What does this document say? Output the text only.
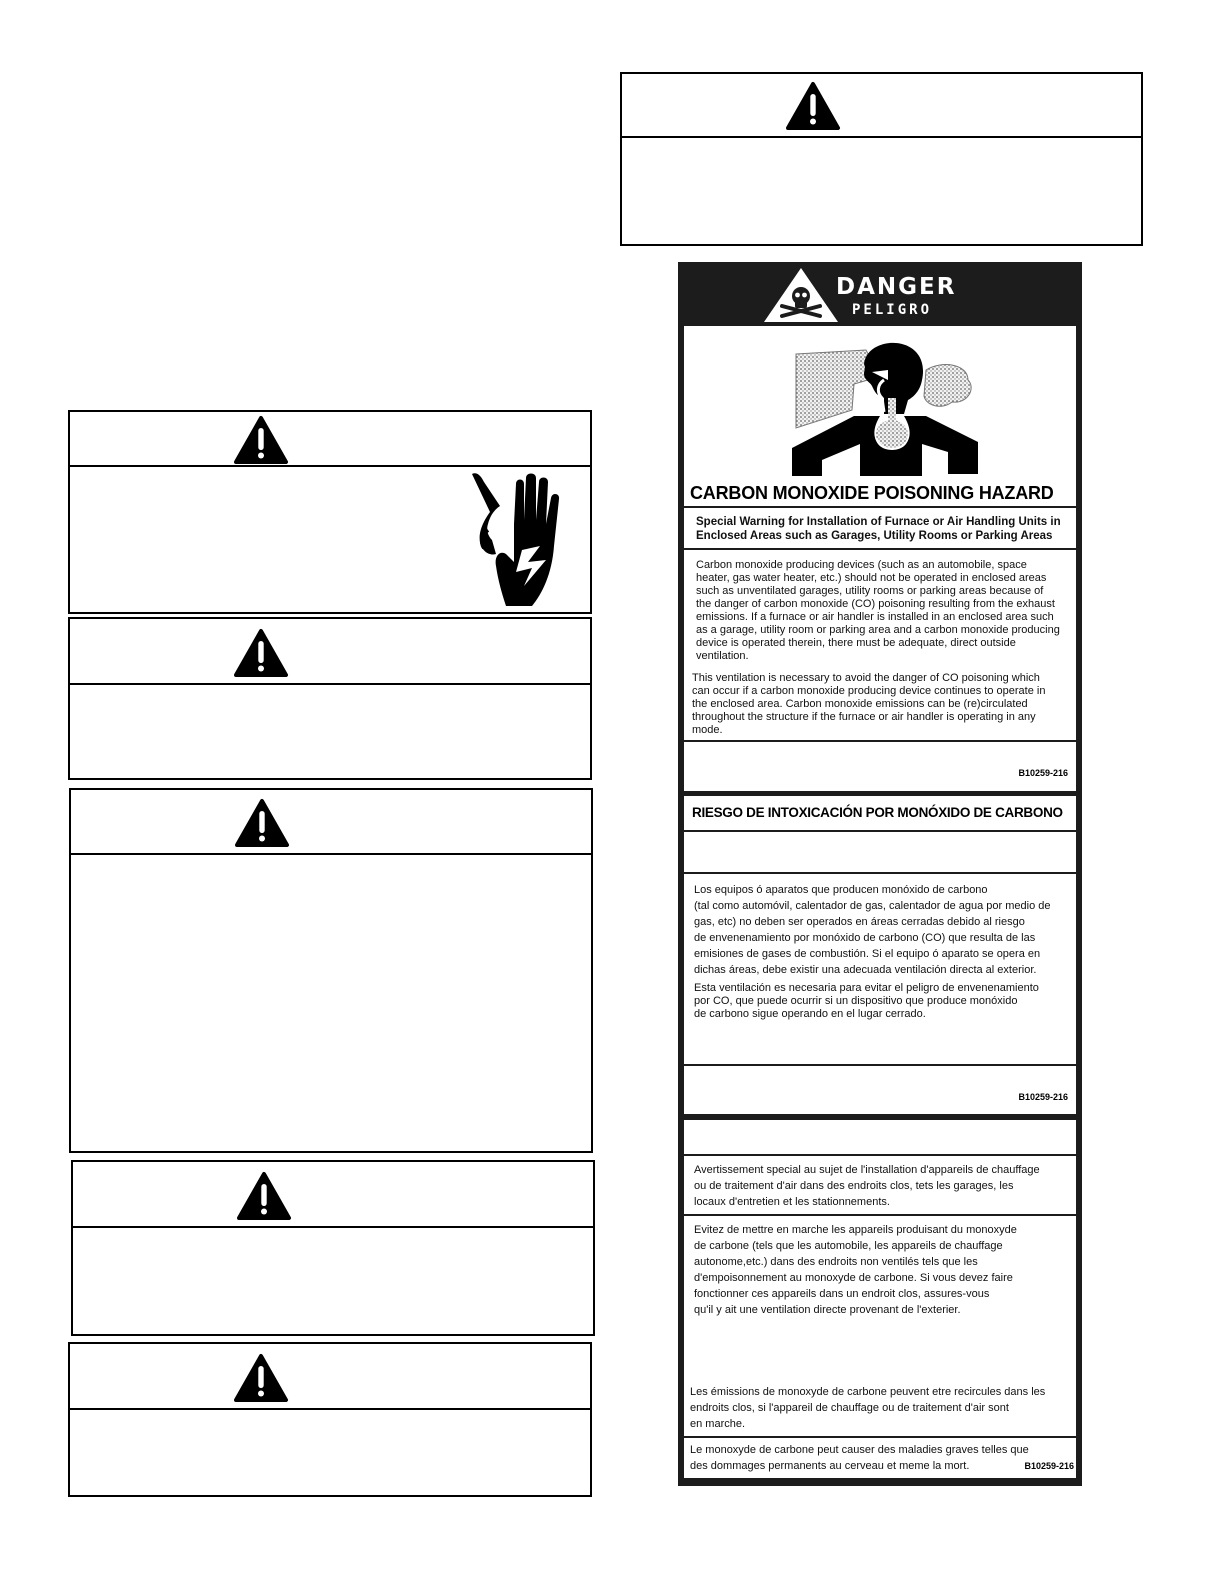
DANGER
PELIGRO
CARBON MONOXIDE POISONING HAZARD
Special Warning for Installation of Furnace or Air Handling Units in
Enclosed Areas such as Garages, Utility Rooms or Parking Areas
Carbon monoxide producing devices (such as an automobile, space
heater, gas water heater, etc.) should not be operated in enclosed areas
such as unventilated garages, utility rooms or parking areas because of
the danger of carbon monoxide (CO) poisoning resulting from the exhaust
emissions. If a furnace or air handler is installed in an enclosed area such
as a garage, utility room or parking area and a carbon monoxide producing
device is operated therein, there must be adequate, direct outside
ventilation.
This ventilation is necessary to avoid the danger of CO poisoning which
can occur if a carbon monoxide producing device continues to operate in
the enclosed area. Carbon monoxide emissions can be (re)circulated
throughout the structure if the furnace or air handler is operating in any
mode.
B10259-216
RIESGO DE INTOXICACIÓN POR MONÓXIDO DE CARBONO
Los equipos ó aparatos que producen monóxido de carbono
(tal como automóvil, calentador de gas, calentador de agua por medio de
gas, etc) no deben ser operados en áreas cerradas debido al riesgo
de envenenamiento por monóxido de carbono (CO) que resulta de las
emisiones de gases de combustión. Si el equipo ó aparato se opera en
dichas áreas, debe existir una adecuada ventilación directa al exterior.
Esta ventilación es necesaria para evitar el peligro de envenenamiento
por CO, que puede ocurrir si un dispositivo que produce monóxido
de carbono sigue operando en el lugar cerrado.
B10259-216
Avertissement special au sujet de l'installation d'appareils de chauffage
ou de traitement d'air dans des endroits clos, tets les garages, les
locaux d'entretien et les stationnements.
Evitez de mettre en marche les appareils produisant du monoxyde
de carbone (tels que les automobile, les appareils de chauffage
autonome,etc.) dans des endroits non ventilés tels que les
d'empoisonnement au monoxyde de carbone. Si vous devez faire
fonctionner ces appareils dans un endroit clos, assures-vous
qu'il y ait une ventilation directe provenant de l'exterier.
Les émissions de monoxyde de carbone peuvent etre recircules dans les
endroits clos, si l'appareil de chauffage ou de traitement d'air sont
en marche.
Le monoxyde de carbone peut causer des maladies graves telles que
des dommages permanents au cerveau et meme la mort.	B10259-216
